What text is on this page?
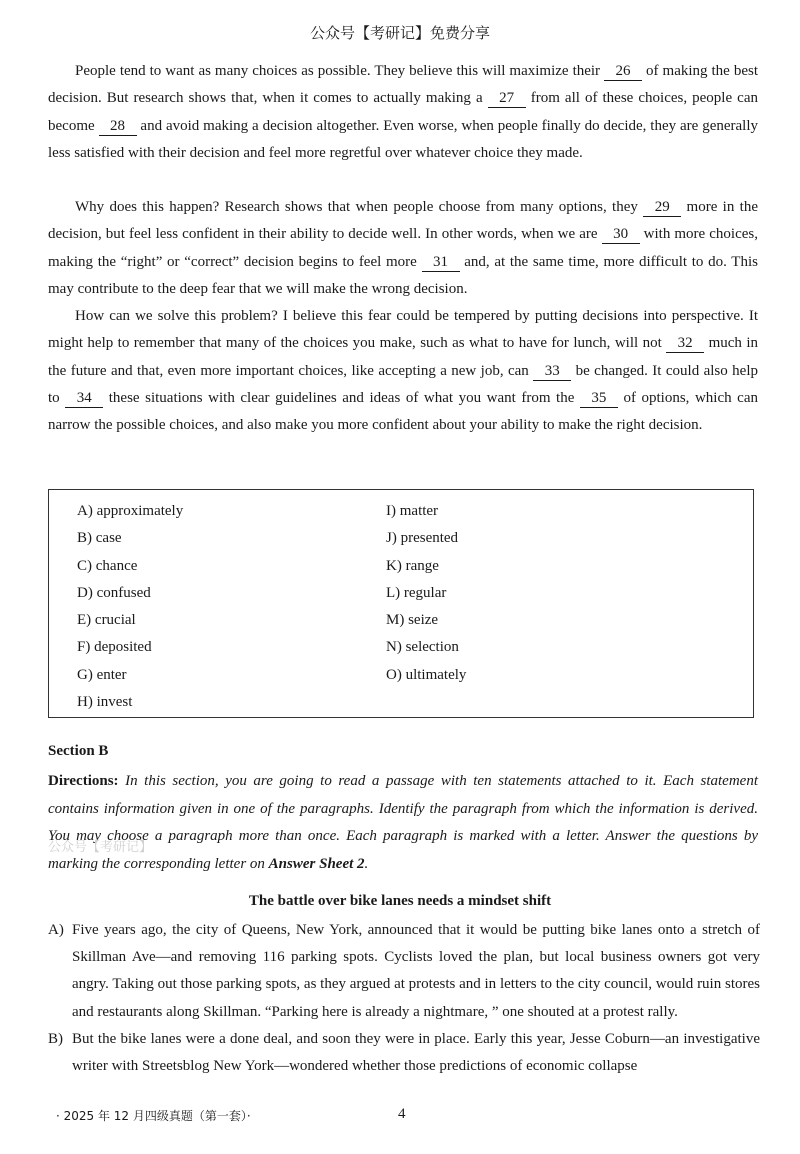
公众号【考研记】免费分享

People tend to want as many choices as possible. They believe this will maximize their 26 of making the best decision. But research shows that, when it comes to actually making a 27 from all of these choices, people can become 28 and avoid making a decision altogether. Even worse, when people finally do decide, they are generally less satisfied with their decision and feel more regretful over whatever choice they made.

Why does this happen? Research shows that when people choose from many options, they 29 more in the decision, but feel less confident in their ability to decide well. In other words, when we are 30 with more choices, making the “right” or “correct” decision begins to feel more 31 and, at the same time, more difficult to do. This may contribute to the deep fear that we will make the wrong decision.

How can we solve this problem? I believe this fear could be tempered by putting decisions into perspective. It might help to remember that many of the choices you make, such as what to have for lunch, will not 32 much in the future and that, even more important choices, like accepting a new job, can 33 be changed. It could also help to 34 these situations with clear guidelines and ideas of what you want from the 35 of options, which can narrow the possible choices, and also make you more confident about your ability to make the right decision.

A) approximately
B) case
C) chance
D) confused
E) crucial
F) deposited
G) enter
H) invest
I) matter
J) presented
K) range
L) regular
M) seize
N) selection
O) ultimately
Section B

Directions: In this section, you are going to read a passage with ten statements attached to it. Each statement contains information given in one of the paragraphs. Identify the paragraph from which the information is derived. You may choose a paragraph more than once. Each paragraph is marked with a letter. Answer the questions by marking the corresponding letter on Answer Sheet 2.

公众号【考研记】
The battle over bike lanes needs a mindset shift
A) Five years ago, the city of Queens, New York, announced that it would be putting bike lanes onto a stretch of Skillman Ave—and removing 116 parking spots. Cyclists loved the plan, but local business owners got very angry. Taking out those parking spots, as they argued at protests and in letters to the city council, would ruin stores and restaurants along Skillman. “Parking here is already a nightmare, ” one shouted at a protest rally.
B) But the bike lanes were a done deal, and soon they were in place. Early this year, Jesse Coburn—an investigative writer with Streetsblog New York—wondered whether those predictions of economic collapse
· 2025 年 12 月四级真题（第一套）·	4
